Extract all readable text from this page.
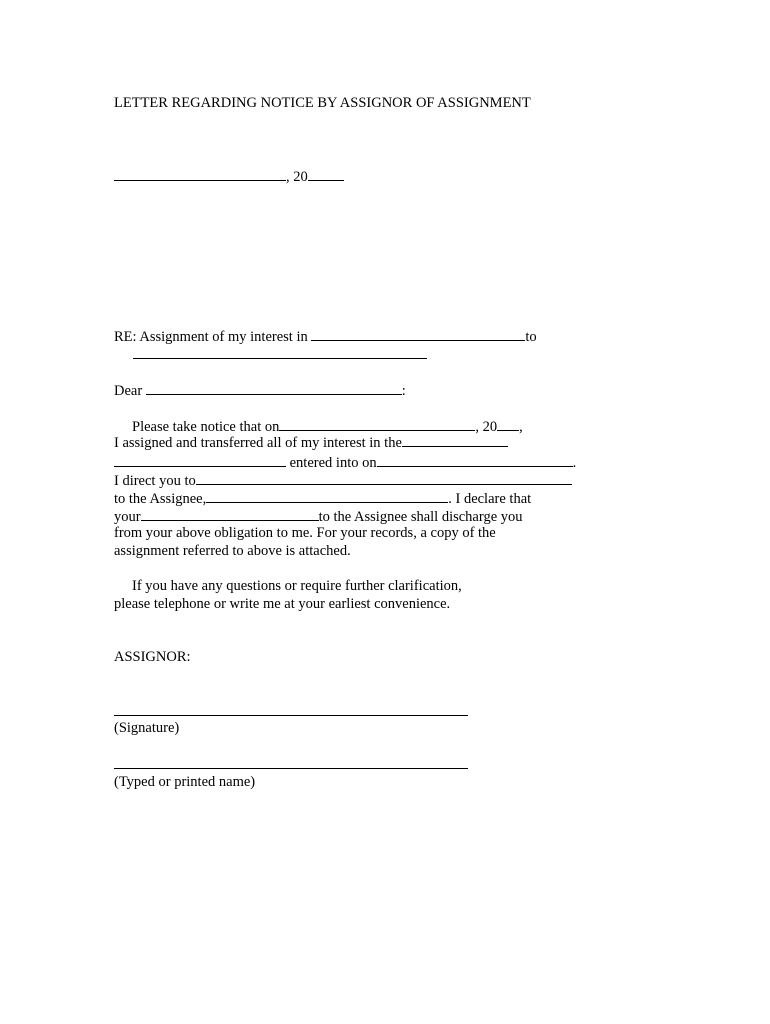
LETTER REGARDING NOTICE BY ASSIGNOR OF ASSIGNMENT
, 20
RE: Assignment of my interest in	to
Dear	:
Please take notice that on	, 20 ,
I assigned and transferred all of my interest in the
entered into on	.
I direct you to
to the Assignee,	. I declare that
your	to the Assignee shall discharge you
from your above obligation to me. For your records, a copy of the
assignment referred to above is attached.
If you have any questions or require further clarification,
please telephone or write me at your earliest convenience.
ASSIGNOR:
(Signature)
(Typed or printed name)
